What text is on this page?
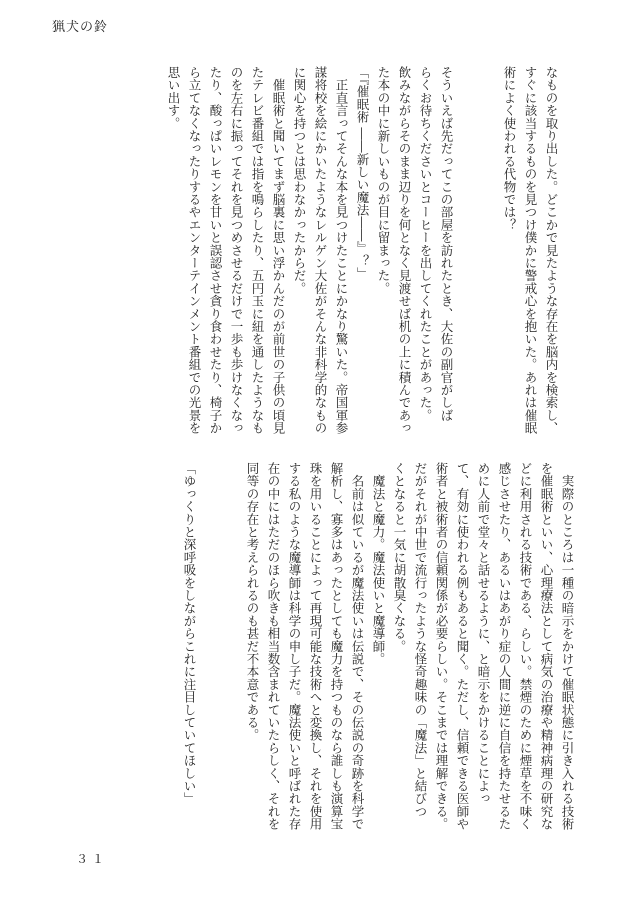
猟犬の鈴

なものを取り出した。どこかで見たような存在を脳内を検索し、

すぐに該当するものを見つけ僕かに警戒心を抱いた。あれは催眠

術によく使われる代物では？

そういえば先だってこの部屋を訪れたとき、大佐の副官がしば

らくお待ちくださいとコーヒーを出してくれたことがあった。

飲みながらそのまま辺りを何となく見渡せば机の上に積んであっ

た本の中に新しいものが目に留まった。

「『催眠術 ――新しい魔法――』？」

　正直言ってそんな本を見つけたことにかなり驚いた。帝国軍参

謀将校を絵にかいたようなレルゲン大佐がそんな非科学的なもの

に関心を持つとは思わなかったからだ。

　催眠術と聞いてまず脳裏に思い浮かんだのが前世の子供の頃見

たテレビ番組では指を鳴らしたり、五円玉に紐を通したようなも

のを左右に振ってそれを見つめさせるだけで一歩も歩けなくなっ

たり、酸っぱいレモンを甘いと誤認させ貪り食わせたり、椅子か

ら立てなくなったりするやエンターテインメント番組での光景を

思い出す。

　実際のところは一種の暗示をかけて催眠状態に引き入れる技術

を催眠術といい、心理療法として病気の治療や精神病理の研究な

どに利用される技術である、らしい。禁煙のために煙草を不味く

感じさせたり、あるいはあがり症の人間に逆に自信を持たせるた

めに人前で堂々と話せるように、と暗示をかけることによっ

て、有効に使われる例もあると聞く。ただし、信頼できる医師や

術者と被術者の信頼関係が必要らしい。そこまでは理解できる。

だがそれが中世で流行ったような怪奇趣味の「魔法」と結びつ

くとなると一気に胡散臭くなる。

　魔法と魔力。魔法使いと魔導師。

　名前は似ているが魔法使いは伝説で、その伝説の奇跡を科学で

解析し、寡多はあったとしても魔力を持つものなら誰しも演算宝

珠を用いることによって再現可能な技術へと変換し、それを使用

する私のような魔導師は科学の申し子だ。魔法使いと呼ばれた存

在の中にはただのほら吹きも相当数含まれていたらしく、それを

同等の存在と考えられるのも甚だ不本意である。

「ゆっくりと深呼吸をしながらこれに注目していてほしい」

３１
